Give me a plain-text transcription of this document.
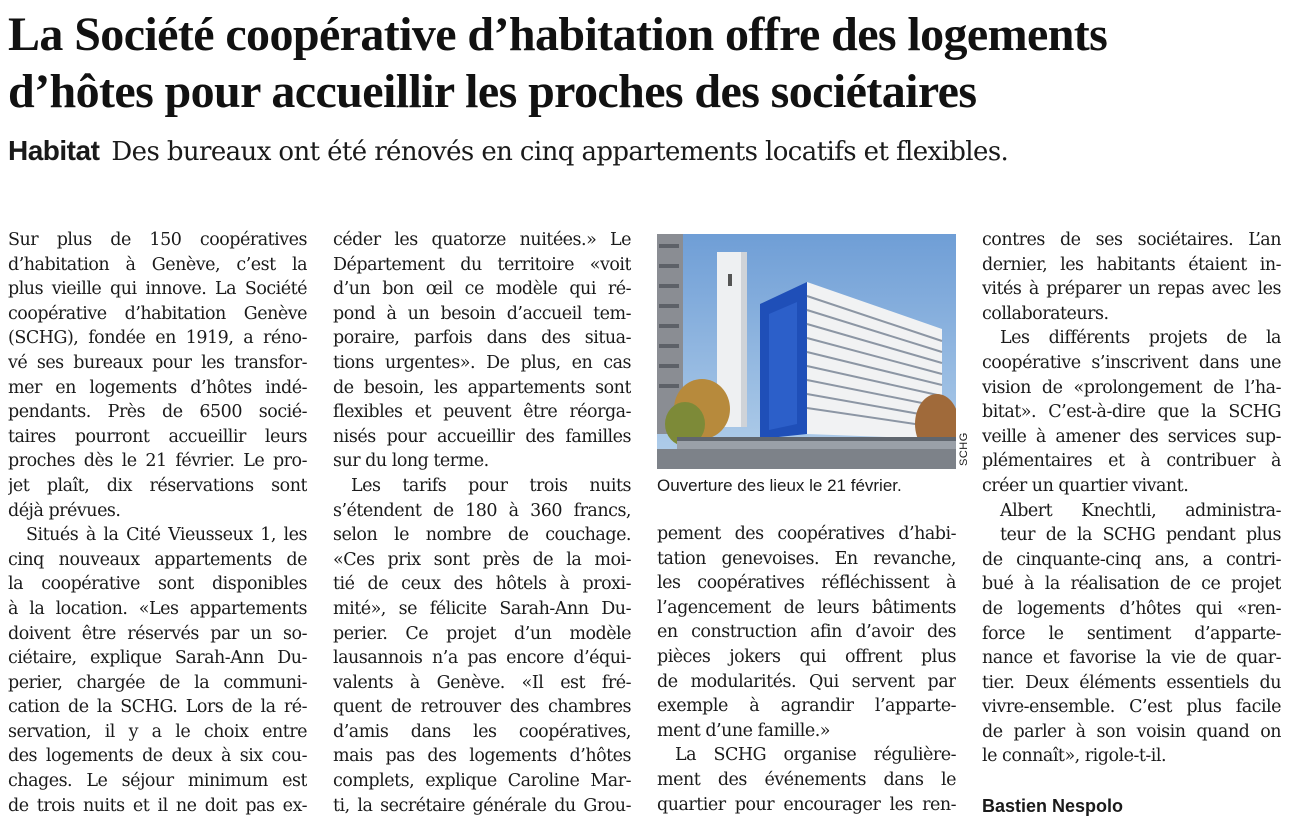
La Société coopérative d’habitation offre des logements
d’hôtes pour accueillir les proches des sociétaires
Habitat Des bureaux ont été rénovés en cinq appartements locatifs et flexibles.
Sur plus de 150 coopératives
d’habitation à Genève, c’est la
plus vieille qui innove. La Société
coopérative d’habitation Genève
(SCHG), fondée en 1919, a réno-
vé ses bureaux pour les transfor-
mer en logements d’hôtes indé-
pendants. Près de 6500 socié-
taires pourront accueillir leurs
proches dès le 21 février. Le pro-
jet plaît, dix réservations sont
déjà prévues.
Situés à la Cité Vieusseux 1, les
cinq nouveaux appartements de
la coopérative sont disponibles
à la location. «Les appartements
doivent être réservés par un so-
ciétaire, explique Sarah-Ann Du-
perier, chargée de la communi-
cation de la SCHG. Lors de la ré-
servation, il y a le choix entre
des logements de deux à six cou-
chages. Le séjour minimum est
de trois nuits et il ne doit pas ex-
céder les quatorze nuitées.» Le
Département du territoire «voit
d’un bon œil ce modèle qui ré-
pond à un besoin d’accueil tem-
poraire, parfois dans des situa-
tions urgentes». De plus, en cas
de besoin, les appartements sont
flexibles et peuvent être réorga-
nisés pour accueillir des familles
sur du long terme.
Les tarifs pour trois nuits
s’étendent de 180 à 360 francs,
selon le nombre de couchage.
«Ces prix sont près de la moi-
tié de ceux des hôtels à proxi-
mité», se félicite Sarah-Ann Du-
perier. Ce projet d’un modèle
lausannois n’a pas encore d’équi-
valents à Genève. «Il est fré-
quent de retrouver des chambres
d’amis dans les coopératives,
mais pas des logements d’hôtes
complets, explique Caroline Mar-
ti, la secrétaire générale du Grou-
Ouverture des lieux le 21 février.
SCHG
pement des coopératives d’habi-
tation genevoises. En revanche,
les coopératives réfléchissent à
l’agencement de leurs bâtiments
en construction afin d’avoir des
pièces jokers qui offrent plus
de modularités. Qui servent par
exemple à agrandir l’apparte-
ment d’une famille.»
La SCHG organise régulière-
ment des événements dans le
quartier pour encourager les ren-
contres de ses sociétaires. L’an
dernier, les habitants étaient in-
vités à préparer un repas avec les
collaborateurs.
Les différents projets de la
coopérative s’inscrivent dans une
vision de «prolongement de l’ha-
bitat». C’est-à-dire que la SCHG
veille à amener des services sup-
plémentaires et à contribuer à
créer un quartier vivant.
Albert Knechtli, administra-
teur de la SCHG pendant plus
de cinquante-cinq ans, a contri-
bué à la réalisation de ce projet
de logements d’hôtes qui «ren-
force le sentiment d’apparte-
nance et favorise la vie de quar-
tier. Deux éléments essentiels du
vivre-ensemble. C’est plus facile
de parler à son voisin quand on
le connaît», rigole-t-il.
Bastien Nespolo
